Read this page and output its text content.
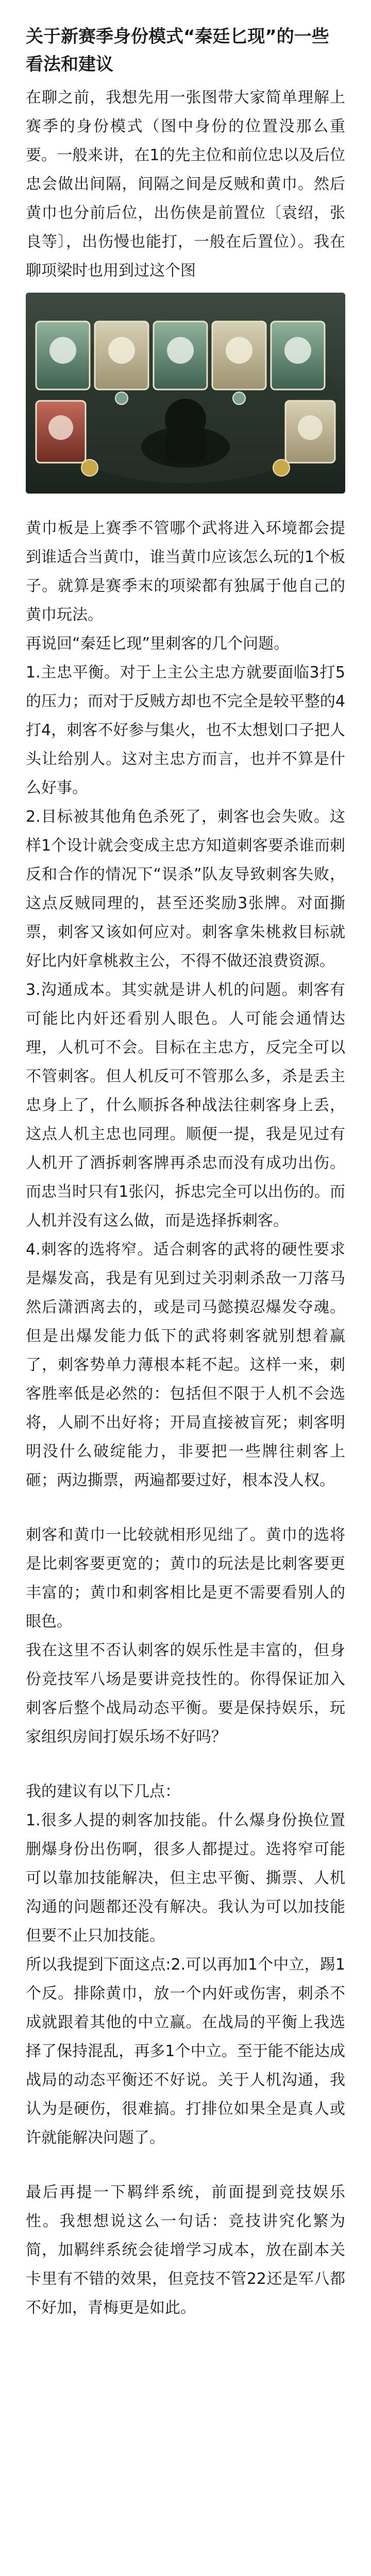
关于新赛季身份模式“秦廷匕现”的一些看法和建议

在聊之前，我想先用一张图带大家简单理解上赛季的身份模式（图中身份的位置没那么重要。一般来讲，在1的先主位和前位忠以及后位忠会做出间隔，间隔之间是反贼和黄巾。然后黄巾也分前后位，出伤侠是前置位〔袁绍，张良等〕，出伤慢也能打，一般在后置位）。我在聊项梁时也用到过这个图

黄巾板是上赛季不管哪个武将进入环境都会提到谁适合当黄巾，谁当黄巾应该怎么玩的1个板子。就算是赛季末的项梁都有独属于他自己的黄巾玩法。

再说回“秦廷匕现”里刺客的几个问题。

1.主忠平衡。对于上主公主忠方就要面临3打5的压力；而对于反贼方却也不完全是较平整的4打4，刺客不好参与集火，也不太想划口子把人头让给别人。这对主忠方而言，也并不算是什么好事。

2.目标被其他角色杀死了，刺客也会失败。这样1个设计就会变成主忠方知道刺客要杀谁而刺反和合作的情况下“误杀”队友导致刺客失败，这点反贼同理的，甚至还奖励3张牌。对面撕票，刺客又该如何应对。刺客拿朱桃救目标就好比内奸拿桃救主公，不得不做还浪费资源。

3.沟通成本。其实就是讲人机的问题。刺客有可能比内奸还看别人眼色。人可能会通情达理，人机可不会。目标在主忠方，反完全可以不管刺客。但人机反可不管那么多，杀是丢主忠身上了，什么顺拆各种战法往刺客身上丢，这点人机主忠也同理。顺便一提，我是见过有人机开了酒拆刺客牌再杀忠而没有成功出伤。而忠当时只有1张闪，拆忠完全可以出伤的。而人机并没有这么做，而是选择拆刺客。

4.刺客的选将窄。适合刺客的武将的硬性要求是爆发高，我是有见到过关羽刺杀敌一刀落马然后潇洒离去的，或是司马懿摸忍爆发夺魂。但是出爆发能力低下的武将刺客就别想着赢了，刺客势单力薄根本耗不起。这样一来，刺客胜率低是必然的：包括但不限于人机不会选将，人刷不出好将；开局直接被盲死；刺客明明没什么破绽能力，非要把一些牌往刺客上砸；两边撕票，两遍都要过好，根本没人权。

刺客和黄巾一比较就相形见绌了。黄巾的选将是比刺客要更宽的；黄巾的玩法是比刺客要更丰富的；黄巾和刺客相比是更不需要看别人的眼色。

我在这里不否认刺客的娱乐性是丰富的，但身份竞技军八场是要讲竞技性的。你得保证加入刺客后整个战局动态平衡。要是保持娱乐，玩家组织房间打娱乐场不好吗？

我的建议有以下几点：

1.很多人提的刺客加技能。什么爆身份换位置删爆身份出伤啊，很多人都提过。选将窄可能可以靠加技能解决，但主忠平衡、撕票、人机沟通的问题都还没有解决。我认为可以加技能但要不止只加技能。

所以我提到下面这点:2.可以再加1个中立，踢1个反。排除黄巾，放一个内奸或伤害，刺杀不成就跟着其他的中立赢。在战局的平衡上我选择了保持混乱，再多1个中立。至于能不能达成战局的动态平衡还不好说。关于人机沟通，我认为是硬伤，很难搞。打排位如果全是真人或许就能解决问题了。

最后再提一下羁绊系统，前面提到竞技娱乐性。我想想说这么一句话：竞技讲究化繁为简，加羁绊系统会徒增学习成本，放在副本关卡里有不错的效果，但竞技不管22还是军八都不好加，青梅更是如此。
